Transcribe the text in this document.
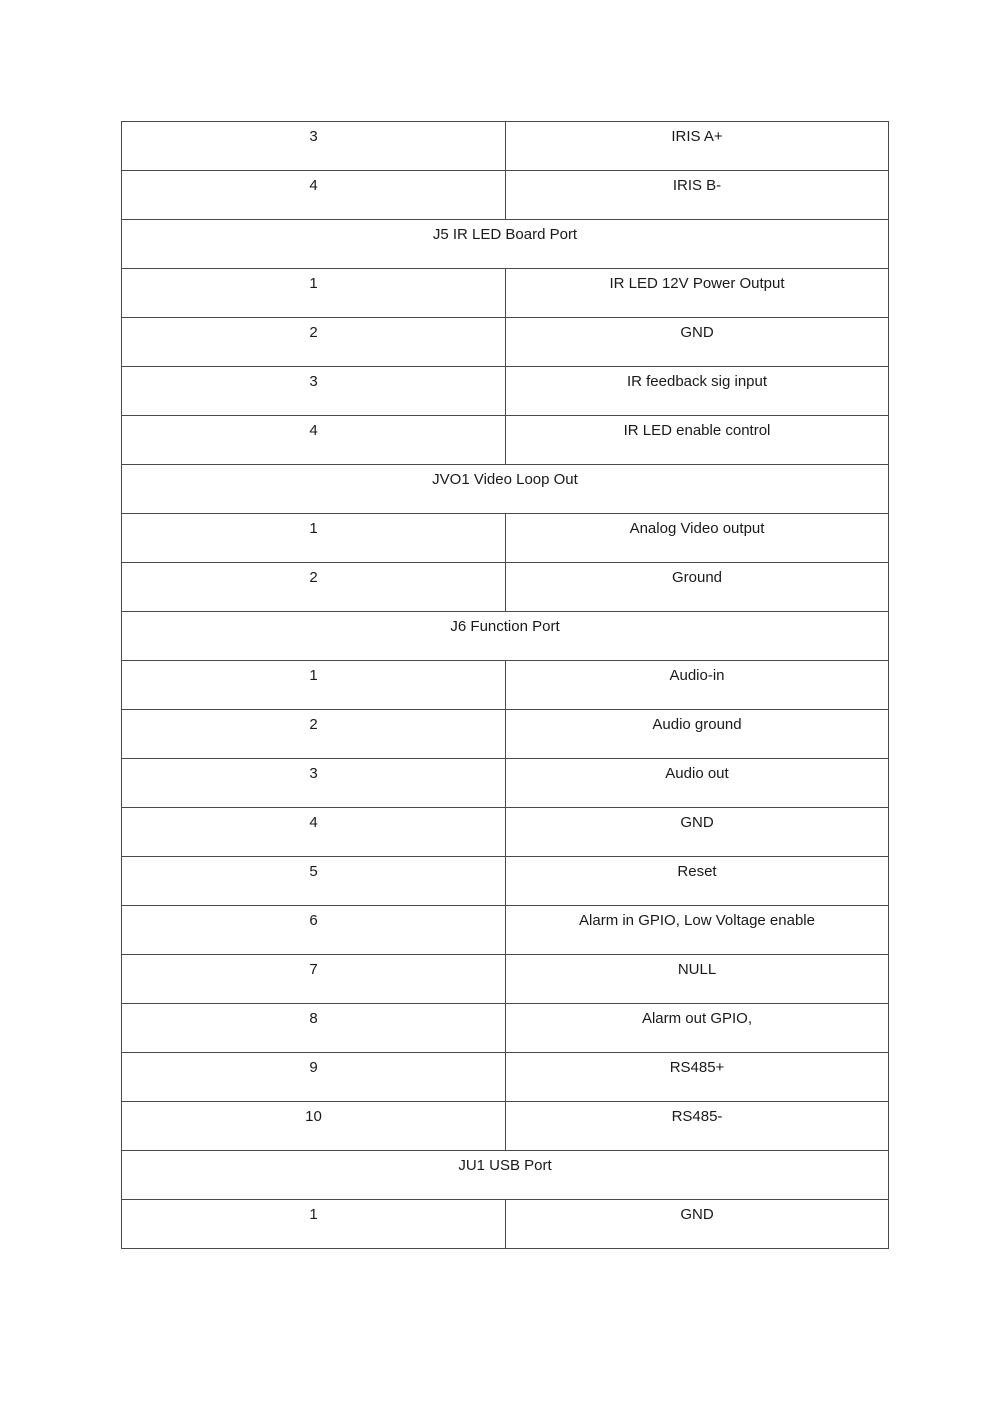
3	IRIS A+
4	IRIS B-
J5 IR LED Board Port	
1	IR LED 12V Power Output
2	GND
3	IR feedback sig input
4	IR LED enable control
JVO1 Video Loop Out	
1	Analog Video output
2	Ground
J6 Function Port	
1	Audio-in
2	Audio ground
3	Audio out
4	GND
5	Reset
6	Alarm in GPIO, Low Voltage enable
7	NULL
8	Alarm out GPIO,
9	RS485+
10	RS485-
JU1 USB Port	
1	GND
